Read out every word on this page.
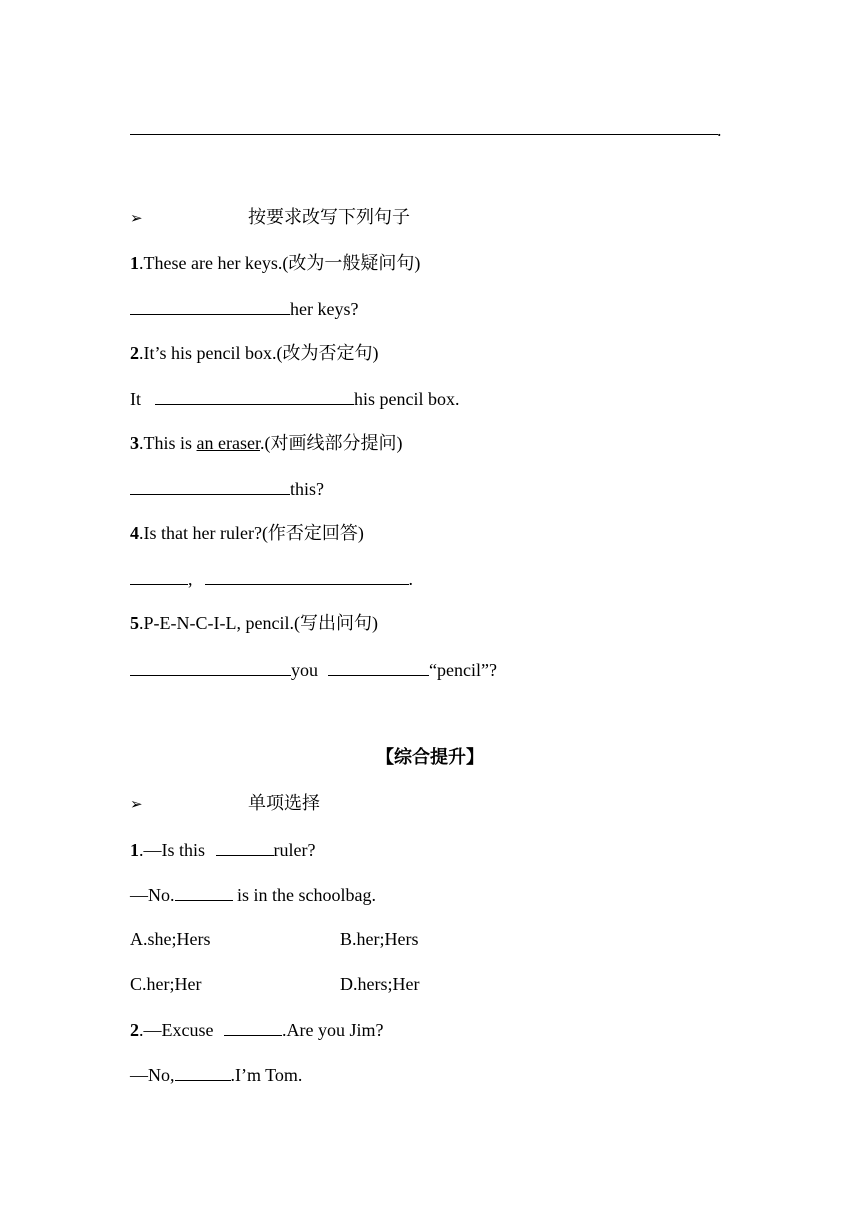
.
➢	按要求改写下列句子
1.These are her keys.(改为一般疑问句)
her keys?
2.It’s his pencil box.(改为否定句)
It	his pencil box.
3.This is an eraser.(对画线部分提问)
this?
4.Is that her ruler?(作否定回答)
,	.
5.P-E-N-C-I-L, pencil.(写出问句)
you	“pencil”?
【综合提升】
➢	单项选择
1.—Is this	ruler?
—No.	is in the schoolbag.
A.she;Hers	B.her;Hers
C.her;Her	D.hers;Her
2.—Excuse	.Are you Jim?
—No,	.I’m Tom.
